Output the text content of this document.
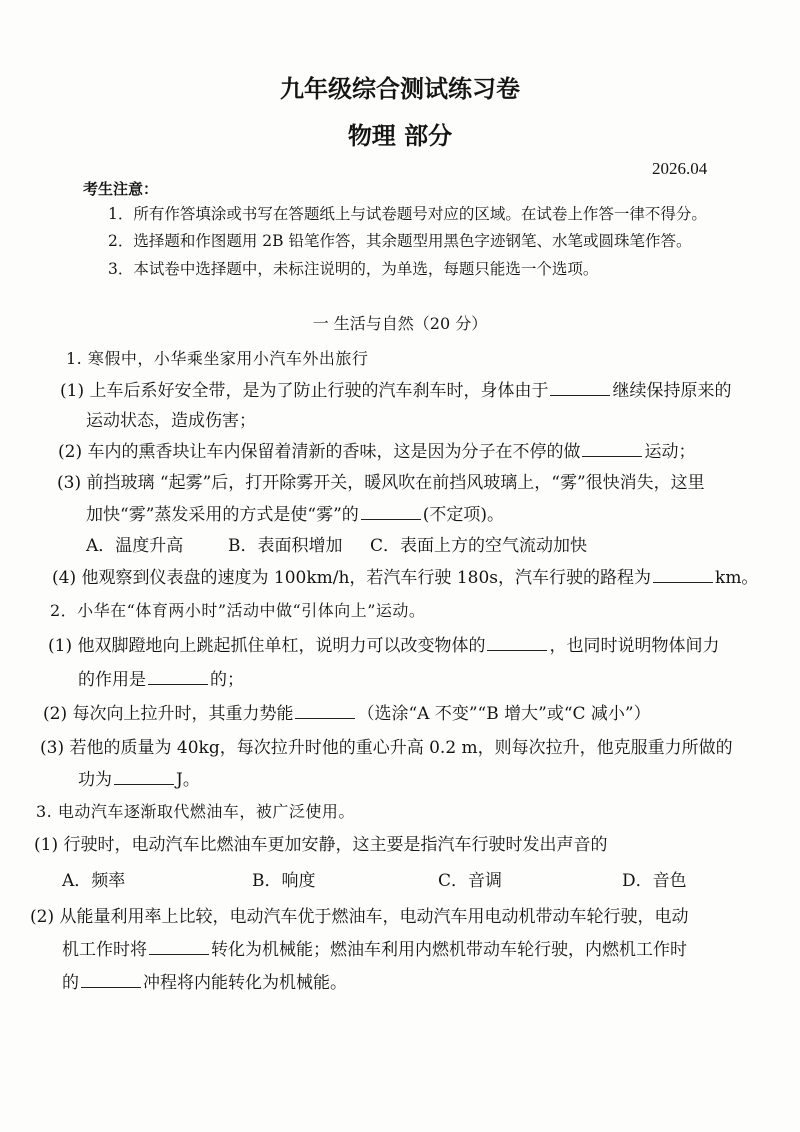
九年级综合测试练习卷
物理 部分
2026.04
考生注意：
1．所有作答填涂或书写在答题纸上与试卷题号对应的区域。在试卷上作答一律不得分。
2．选择题和作图题用 2B 铅笔作答，其余题型用黑色字迹钢笔、水笔或圆珠笔作答。
3．本试卷中选择题中，未标注说明的，为单选，每题只能选一个选项。
一 生活与自然（20 分）
1. 寒假中，小华乘坐家用小汽车外出旅行
(1) 上车后系好安全带，是为了防止行驶的汽车刹车时，身体由于	继续保持原来的
运动状态，造成伤害；
(2) 车内的熏香块让车内保留着清新的香味，这是因为分子在不停的做	运动；
(3) 前挡玻璃 “起雾”后，打开除雾开关，暖风吹在前挡风玻璃上，“雾”很快消失，这里
加快“雾”蒸发采用的方式是使“雾”的	(不定项)。
A．温度升高	B．表面积增加 C．表面上方的空气流动加快
(4) 他观察到仪表盘的速度为 100km/h，若汽车行驶 180s，汽车行驶的路程为	km。
2．小华在“体育两小时”活动中做“引体向上”运动。
(1) 他双脚蹬地向上跳起抓住单杠，说明力可以改变物体的	，也同时说明物体间力
的作用是	的；
(2) 每次向上拉升时，其重力势能	（选涂“A 不变”“B 增大”或“C 减小”）
(3) 若他的质量为 40kg，每次拉升时他的重心升高 0.2 m，则每次拉升，他克服重力所做的
功为	J。
3. 电动汽车逐渐取代燃油车，被广泛使用。
(1) 行驶时，电动汽车比燃油车更加安静，这主要是指汽车行驶时发出声音的
A．频率	B．响度	C．音调	D．音色
(2) 从能量利用率上比较，电动汽车优于燃油车，电动汽车用电动机带动车轮行驶，电动
机工作时将	转化为机械能；燃油车利用内燃机带动车轮行驶，内燃机工作时
的	冲程将内能转化为机械能。
